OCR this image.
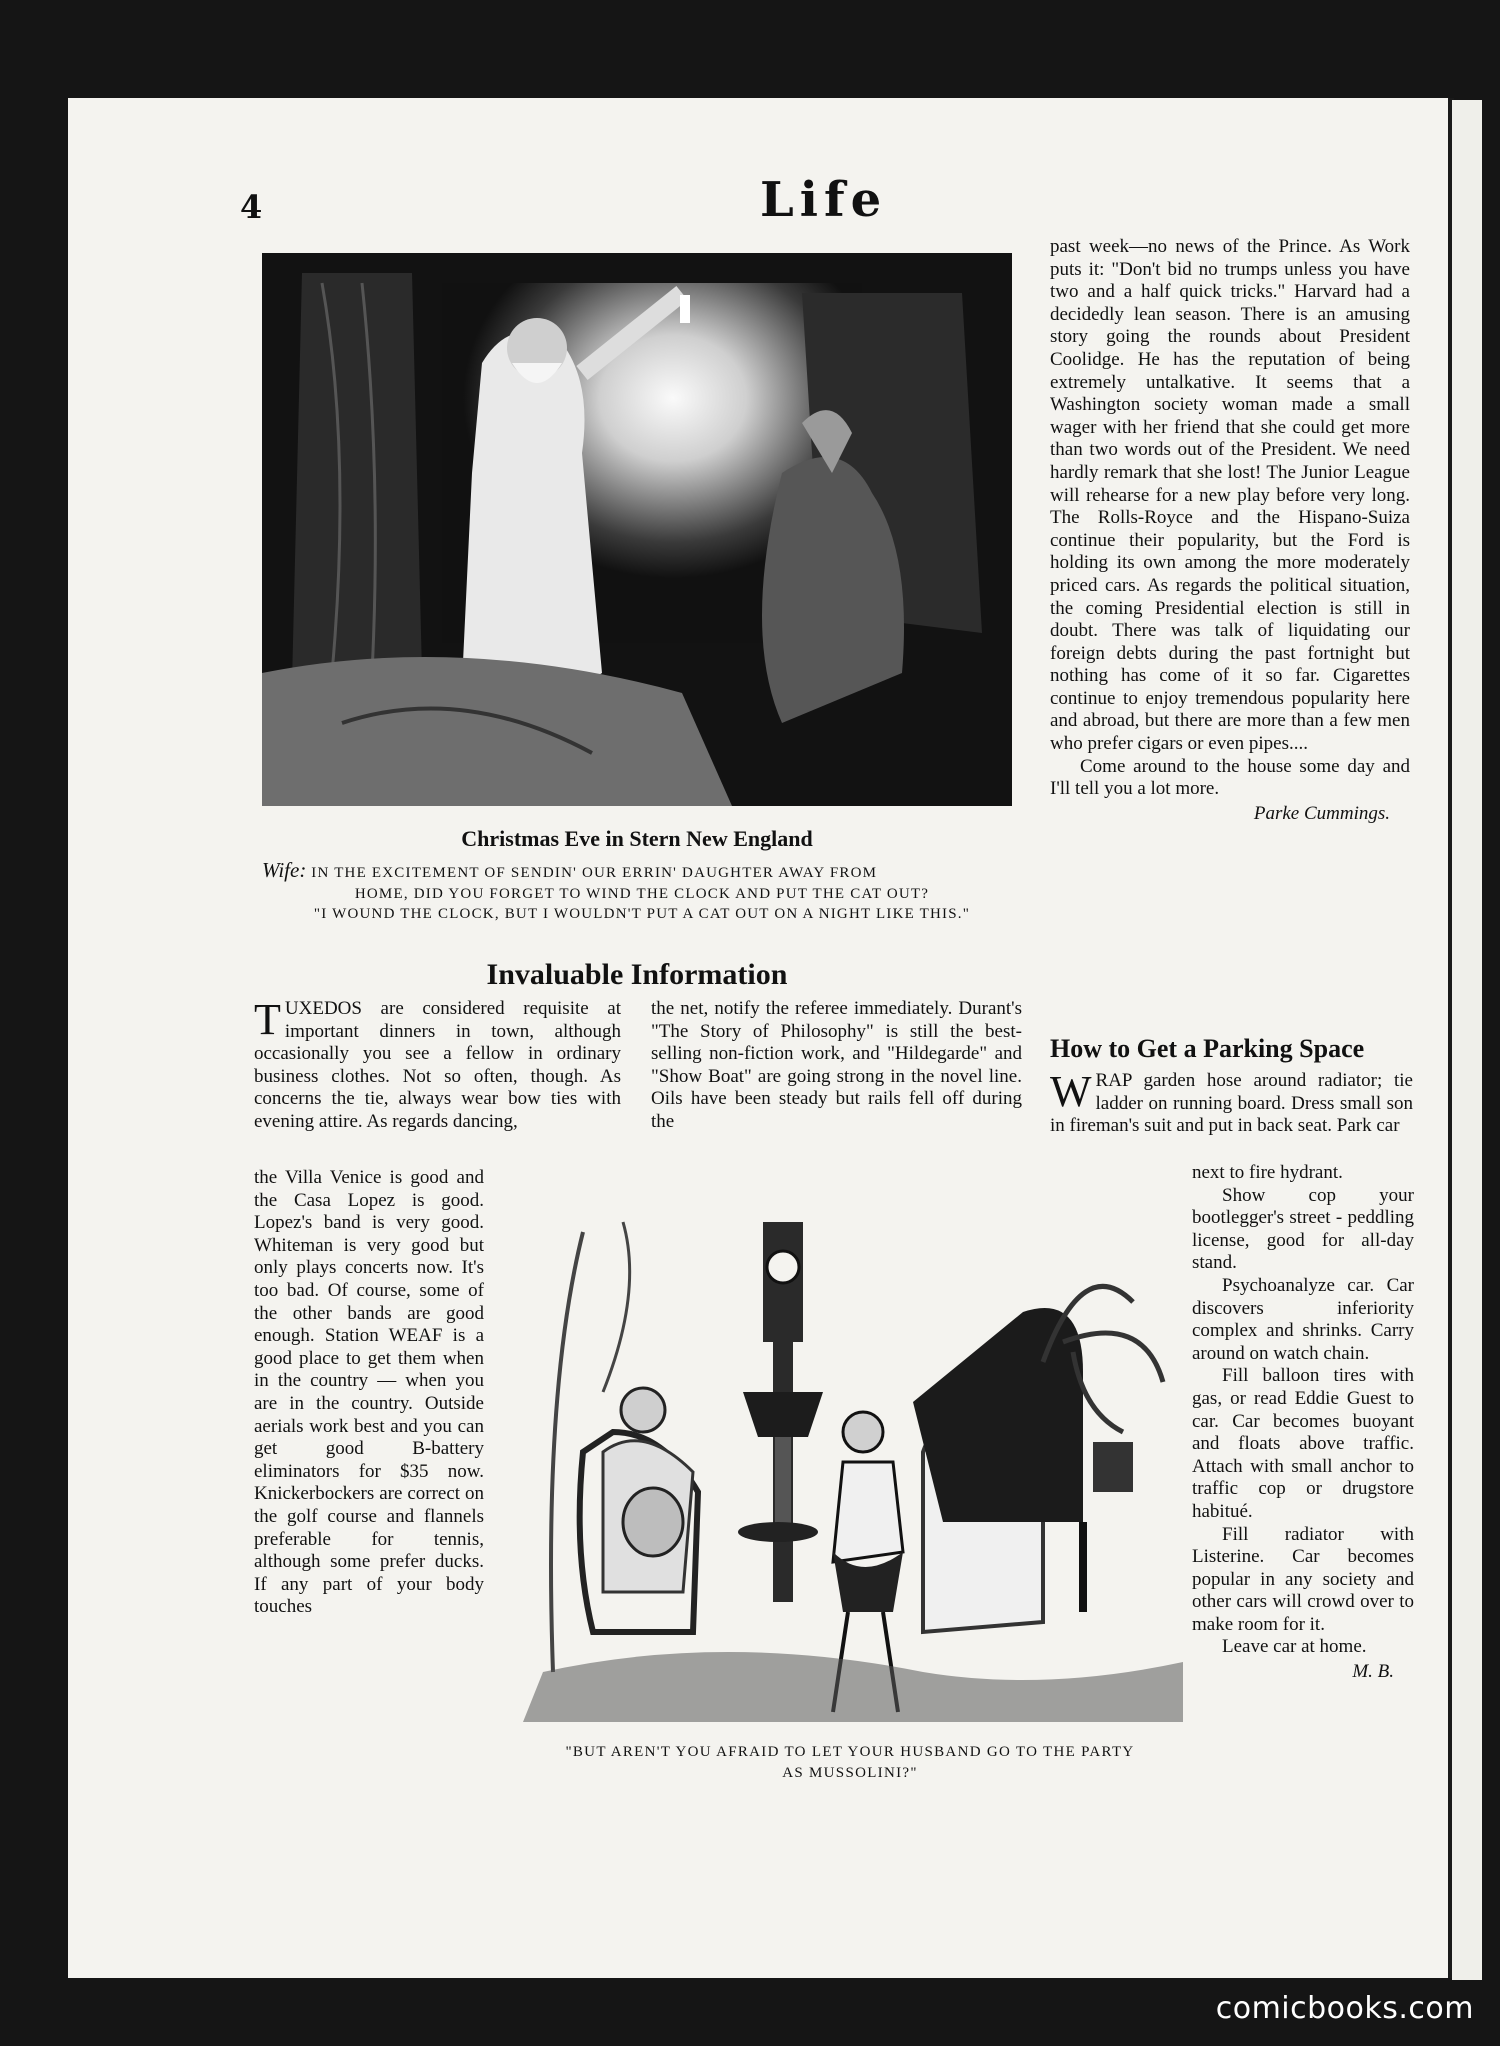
4	Life
Christmas Eve in Stern New England
Wife: IN THE EXCITEMENT OF SENDIN' OUR ERRIN' DAUGHTER AWAY FROM
HOME, DID YOU FORGET TO WIND THE CLOCK AND PUT THE CAT OUT?
"I WOUND THE CLOCK, BUT I WOULDN'T PUT A CAT OUT ON A NIGHT LIKE THIS."

past week—no news of the Prince. As Work puts it: "Don't bid no trumps unless you have two and a half quick tricks." Harvard had a decidedly lean season. There is an amusing story going the rounds about President Coolidge. He has the reputation of being extremely untalkative. It seems that a Washington society woman made a small wager with her friend that she could get more than two words out of the President. We need hardly remark that she lost! The Junior League will rehearse for a new play before very long. The Rolls-Royce and the Hispano-Suiza continue their popularity, but the Ford is holding its own among the more moderately priced cars. As regards the political situation, the coming Presidential election is still in doubt. There was talk of liquidating our foreign debts during the past fortnight but nothing has come of it so far. Cigarettes continue to enjoy tremendous popularity here and abroad, but there are more than a few men who prefer cigars or even pipes....

Come around to the house some day and I'll tell you a lot more.

Parke Cummings.
Invaluable Information

TUXEDOS are considered requisite at important dinners in town, although occasionally you see a fellow in ordinary business clothes. Not so often, though. As concerns the tie, always wear bow ties with evening attire. As regards dancing,

the Villa Venice is good and the Casa Lopez is good. Lopez's band is very good. Whiteman is very good but only plays concerts now. It's too bad. Of course, some of the other bands are good enough. Station WEAF is a good place to get them when in the country — when you are in the country. Outside aerials work best and you can get good B-battery eliminators for $35 now. Knickerbockers are correct on the golf course and flannels preferable for tennis, although some prefer ducks. If any part of your body touches

the net, notify the referee immediately. Durant's "The Story of Philosophy" is still the best-selling non-fiction work, and "Hildegarde" and "Show Boat" are going strong in the novel line. Oils have been steady but rails fell off during the

How to Get a Parking Space

WRAP garden hose around radiator; tie ladder on running board. Dress small son in fireman's suit and put in back seat. Park car

next to fire hydrant.

Show cop your bootlegger's street - peddling license, good for all-day stand.

Psychoanalyze car. Car discovers inferiority complex and shrinks. Carry around on watch chain.

Fill balloon tires with gas, or read Eddie Guest to car. Car becomes buoyant and floats above traffic. Attach with small anchor to traffic cop or drugstore habitué.

Fill radiator with Listerine. Car becomes popular in any society and other cars will crowd over to make room for it.

Leave car at home.

M. B.
"BUT AREN'T YOU AFRAID TO LET YOUR HUSBAND GO TO THE PARTY
AS MUSSOLINI?"
comicbooks.com
